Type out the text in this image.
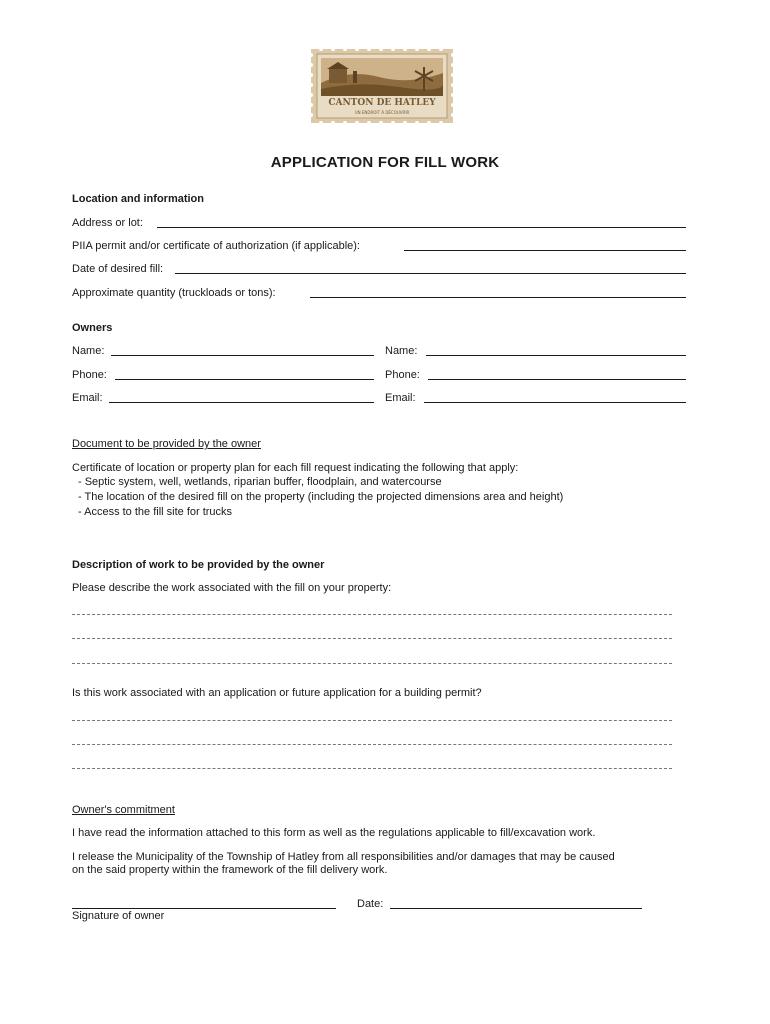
CANTON DE HATLEY
UN ENDROIT À DÉCOUVRIR
APPLICATION FOR FILL WORK
Location and information
Address or lot:
PIIA permit and/or certificate of authorization (if applicable):
Date of desired fill:
Approximate quantity (truckloads or tons):
Owners
Name:	Name:
Phone:	Phone:
Email:	Email:
Document to be provided by the owner
Certificate of location or property plan for each fill request indicating the following that apply:
- Septic system, well, wetlands, riparian buffer, floodplain, and watercourse
- The location of the desired fill on the property (including the projected dimensions area and height)
- Access to the fill site for trucks
Description of work to be provided by the owner
Please describe the work associated with the fill on your property:
Is this work associated with an application or future application for a building permit?
Owner's commitment
I have read the information attached to this form as well as the regulations applicable to fill/excavation work.
I release the Municipality of the Township of Hatley from all responsibilities and/or damages that may be caused
on the said property within the framework of the fill delivery work.
Signature of owner
Date:
